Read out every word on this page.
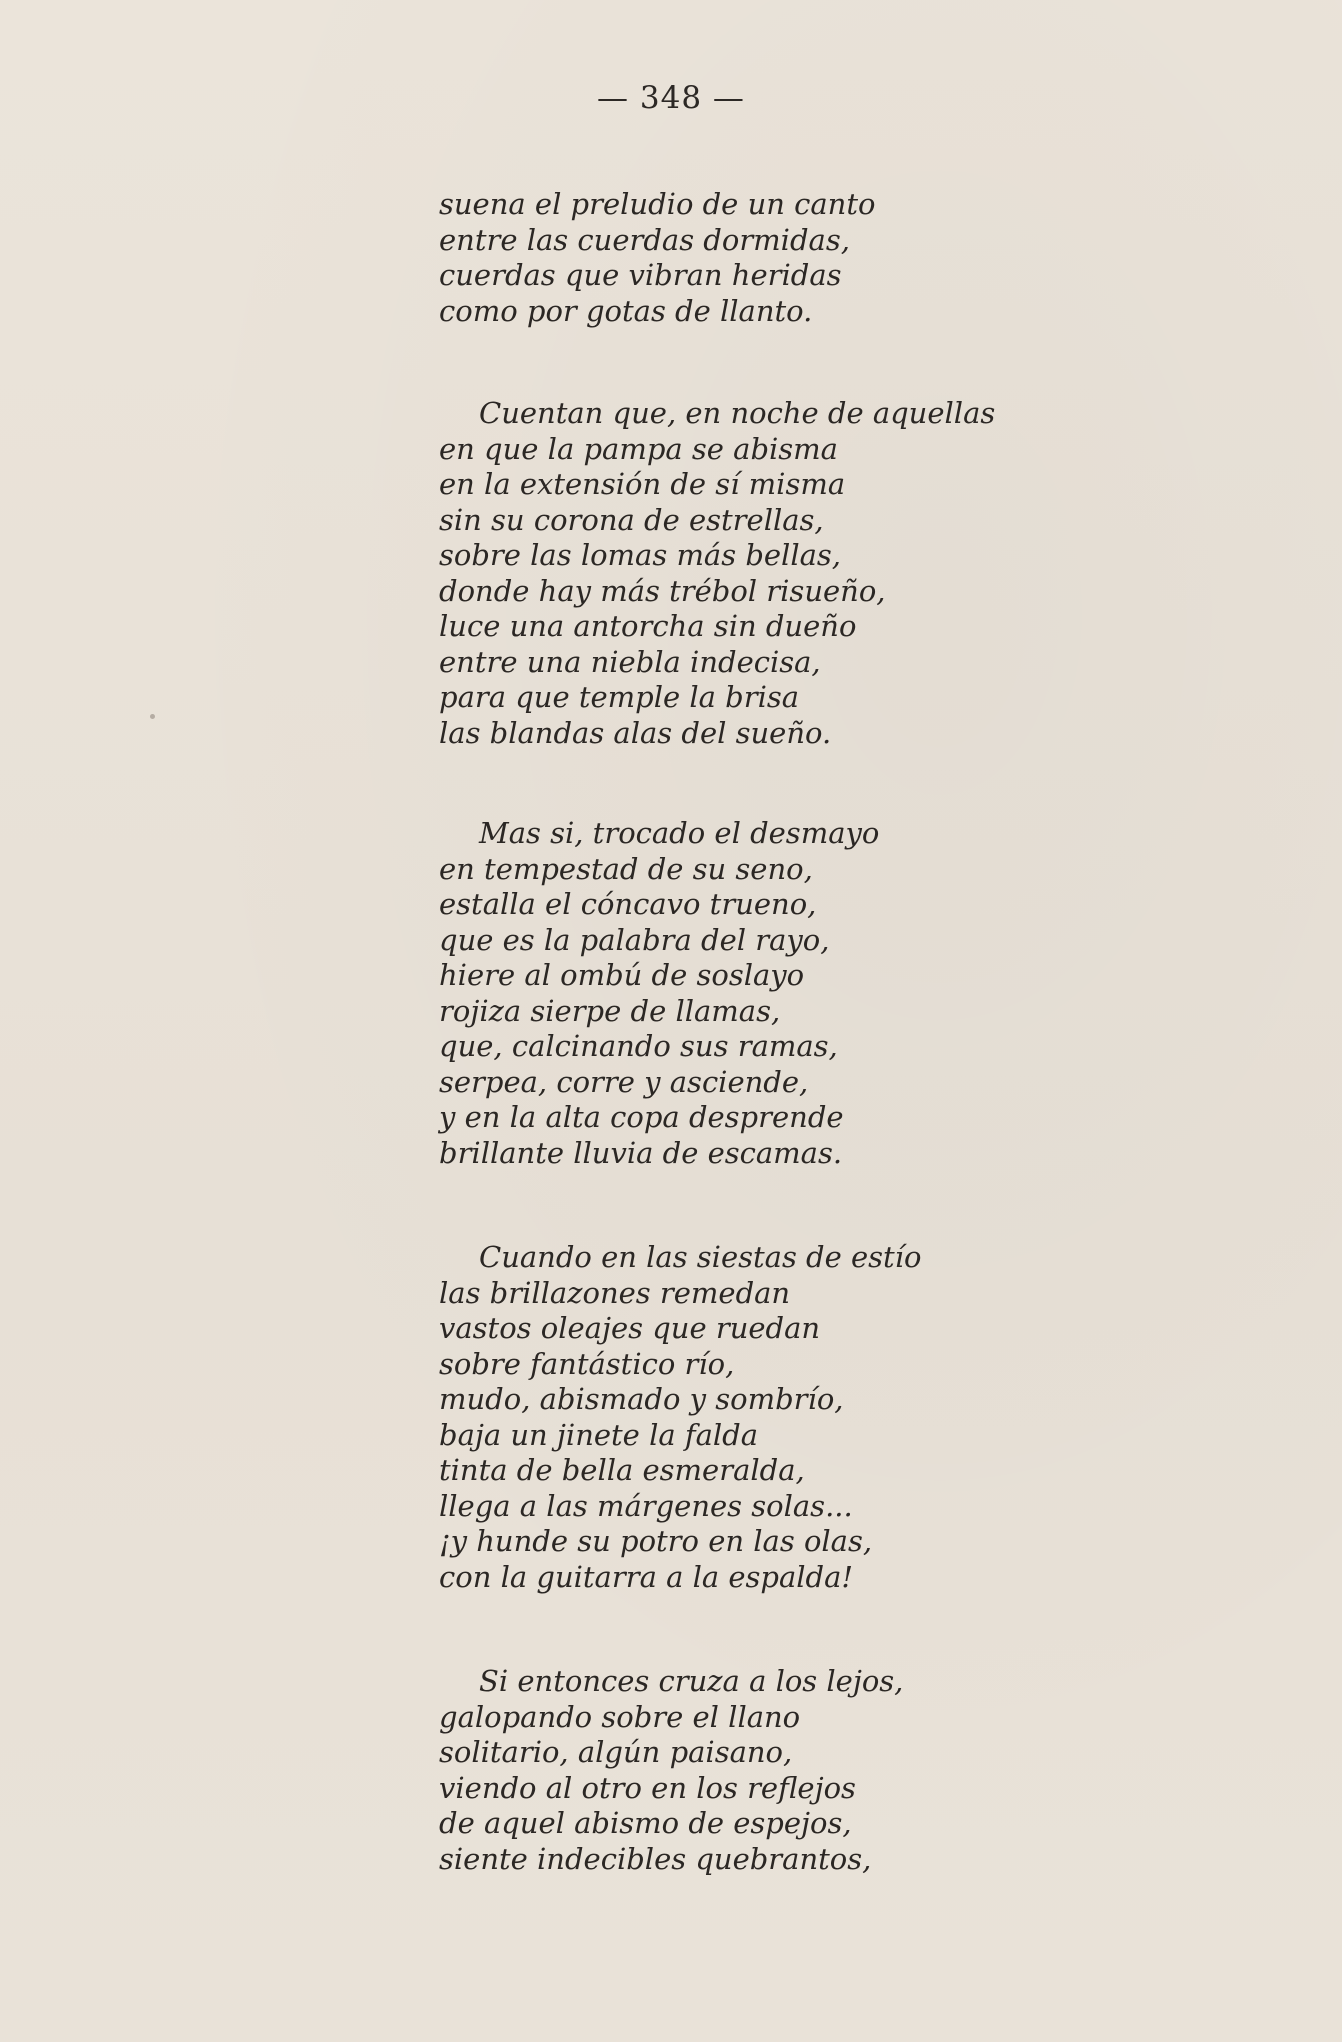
— 348 —
suena el preludio de un canto
entre las cuerdas dormidas,
cuerdas que vibran heridas
como por gotas de llanto.
Cuentan que, en noche de aquellas
en que la pampa se abisma
en la extensión de sí misma
sin su corona de estrellas,
sobre las lomas más bellas,
donde hay más trébol risueño,
luce una antorcha sin dueño
entre una niebla indecisa,
para que temple la brisa
las blandas alas del sueño.
Mas si, trocado el desmayo
en tempestad de su seno,
estalla el cóncavo trueno,
que es la palabra del rayo,
hiere al ombú de soslayo
rojiza sierpe de llamas,
que, calcinando sus ramas,
serpea, corre y asciende,
y en la alta copa desprende
brillante lluvia de escamas.
Cuando en las siestas de estío
las brillazones remedan
vastos oleajes que ruedan
sobre fantástico río,
mudo, abismado y sombrío,
baja un jinete la falda
tinta de bella esmeralda,
llega a las márgenes solas...
¡y hunde su potro en las olas,
con la guitarra a la espalda!
Si entonces cruza a los lejos,
galopando sobre el llano
solitario, algún paisano,
viendo al otro en los reflejos
de aquel abismo de espejos,
siente indecibles quebrantos,
